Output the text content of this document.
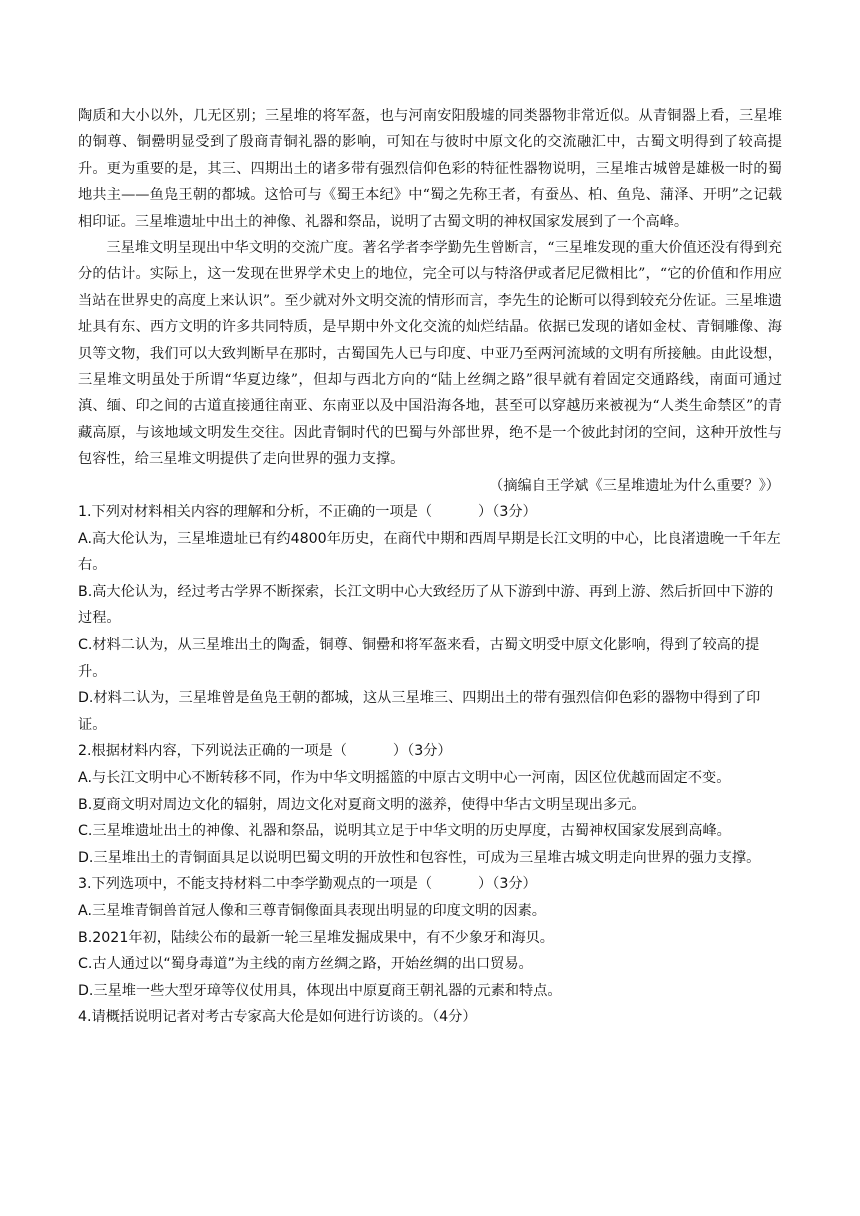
陶质和大小以外，几无区别；三星堆的将军盔，也与河南安阳殷墟的同类器物非常近似。从青铜器上看，三星堆的铜尊、铜罍明显受到了殷商青铜礼器的影响，可知在与彼时中原文化的交流融汇中，古蜀文明得到了较高提升。更为重要的是，其三、四期出土的诸多带有强烈信仰色彩的特征性器物说明，三星堆古城曾是雄极一时的蜀地共主——鱼凫王朝的都城。这恰可与《蜀王本纪》中“蜀之先称王者，有蚕丛、柏、鱼凫、蒲泽、开明”之记载相印证。三星堆遗址中出土的神像、礼器和祭品，说明了古蜀文明的神权国家发展到了一个高峰。

三星堆文明呈现出中华文明的交流广度。著名学者李学勤先生曾断言，“三星堆发现的重大价值还没有得到充分的估计。实际上，这一发现在世界学术史上的地位，完全可以与特洛伊或者尼尼微相比”，“它的价值和作用应当站在世界史的高度上来认识”。至少就对外文明交流的情形而言，李先生的论断可以得到较充分佐证。三星堆遗址具有东、西方文明的许多共同特质，是早期中外文化交流的灿烂结晶。依据已发现的诸如金杖、青铜雕像、海贝等文物，我们可以大致判断早在那时，古蜀国先人已与印度、中亚乃至两河流域的文明有所接触。由此设想，三星堆文明虽处于所谓“华夏边缘”，但却与西北方向的“陆上丝绸之路”很早就有着固定交通路线，南面可通过滇、缅、印之间的古道直接通往南亚、东南亚以及中国沿海各地，甚至可以穿越历来被视为“人类生命禁区”的青藏高原，与该地域文明发生交往。因此青铜时代的巴蜀与外部世界，绝不是一个彼此封闭的空间，这种开放性与包容性，给三星堆文明提供了走向世界的强力支撑。

（摘编自王学斌《三星堆遗址为什么重要？》）

1.下列对材料相关内容的理解和分析，不正确的一项是（	）（3分）

A.高大伦认为，三星堆遗址已有约4800年历史，在商代中期和西周早期是长江文明的中心，比良渚遗晚一千年左右。

B.高大伦认为，经过考古学界不断探索，长江文明中心大致经历了从下游到中游、再到上游、然后折回中下游的过程。

C.材料二认为，从三星堆出土的陶盉，铜尊、铜罍和将军盔来看，古蜀文明受中原文化影响，得到了较高的提升。

D.材料二认为，三星堆曾是鱼凫王朝的都城，这从三星堆三、四期出土的带有强烈信仰色彩的器物中得到了印证。

2.根据材料内容，下列说法正确的一项是（	）（3分）

A.与长江文明中心不断转移不同，作为中华文明摇篮的中原古文明中心一河南，因区位优越而固定不变。

B.夏商文明对周边文化的辐射，周边文化对夏商文明的滋养，使得中华古文明呈现出多元。

C.三星堆遗址出土的神像、礼器和祭品，说明其立足于中华文明的历史厚度，古蜀神权国家发展到高峰。

D.三星堆出土的青铜面具足以说明巴蜀文明的开放性和包容性，可成为三星堆古城文明走向世界的强力支撑。

3.下列选项中，不能支持材料二中李学勤观点的一项是（	）（3分）

A.三星堆青铜兽首冠人像和三尊青铜像面具表现出明显的印度文明的因素。

B.2021年初，陆续公布的最新一轮三星堆发掘成果中，有不少象牙和海贝。

C.古人通过以“蜀身毒道”为主线的南方丝绸之路，开始丝绸的出口贸易。

D.三星堆一些大型牙璋等仪仗用具，体现出中原夏商王朝礼器的元素和特点。

4.请概括说明记者对考古专家高大伦是如何进行访谈的。（4分）
